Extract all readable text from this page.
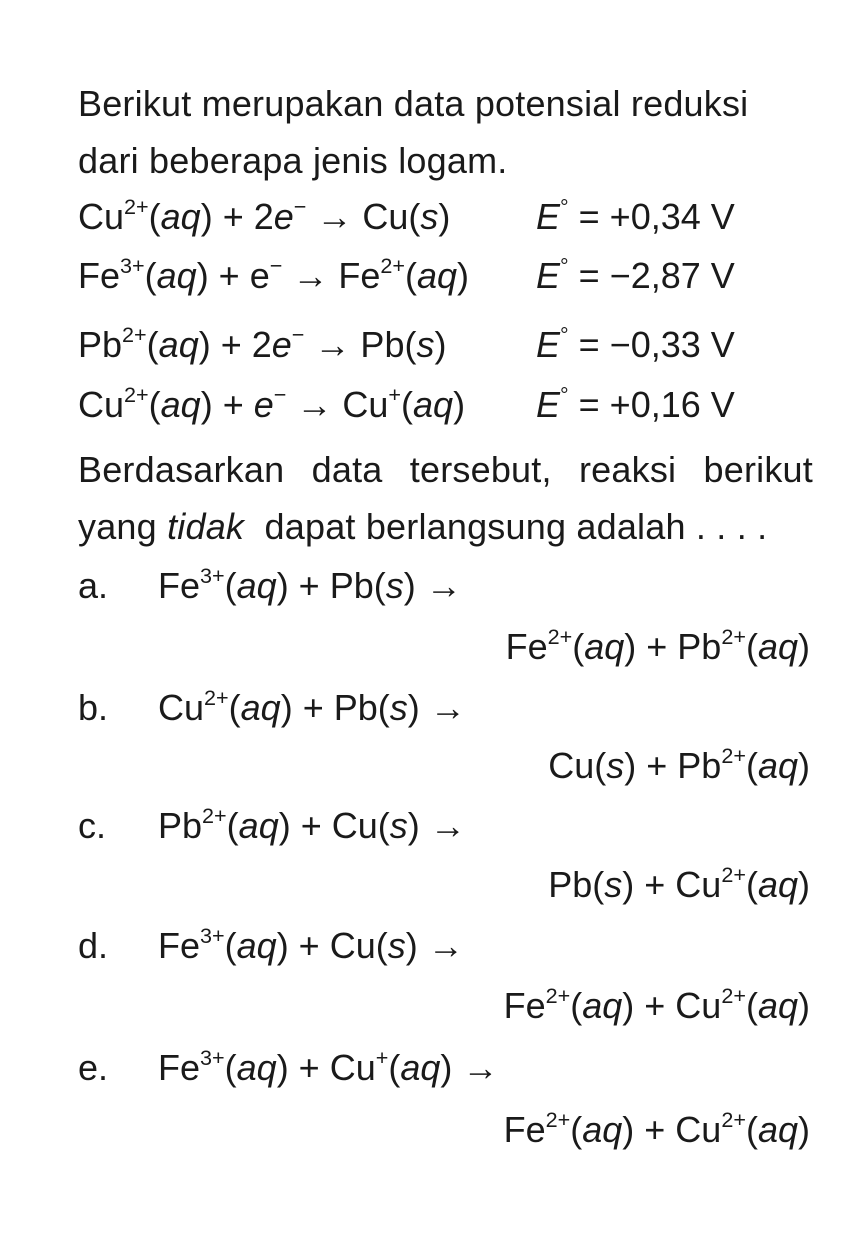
Berikut merupakan data potensial reduksi
dari beberapa jenis logam.
$Cu^{2+}(aq) + 2e^- \to Cu(s) E^\circ = +0,34$ V
$Fe^{3+}(aq) + e^- \to Fe^{2+}(aq) E^\circ = -2,87$ V
$Pb^{2+}(aq) + 2e^- \to Pb(s) E^\circ = -0,33$ V
$Cu^{2+}(aq) + e^- \to Cu^+(aq) E^\circ = +0,16$ V
Berdasarkan data tersebut, reaksi berikut
yang tidak  dapat berlangsung adalah . . . .
a. $Fe^{3+}(aq) + Pb(s)$ →
$Fe^{2+}(aq) + Pb^{2+}(aq)$
b. $Cu^{2+}(aq) + Pb(s)$ →
$Cu(s) + Pb^{2+}(aq)$
c. $Pb^{2+}(aq) + Cu(s)$ →
$Pb(s) + Cu^{2+}(aq)$
d. $Fe^{3+}(aq) + Cu(s)$ →
$Fe^{2+}(aq) + Cu^{2+}(aq)$
e. $Fe^{3+}(aq) + Cu^+(aq)$ →
$Fe^{2+}(aq) + Cu^{2+}(aq)$
